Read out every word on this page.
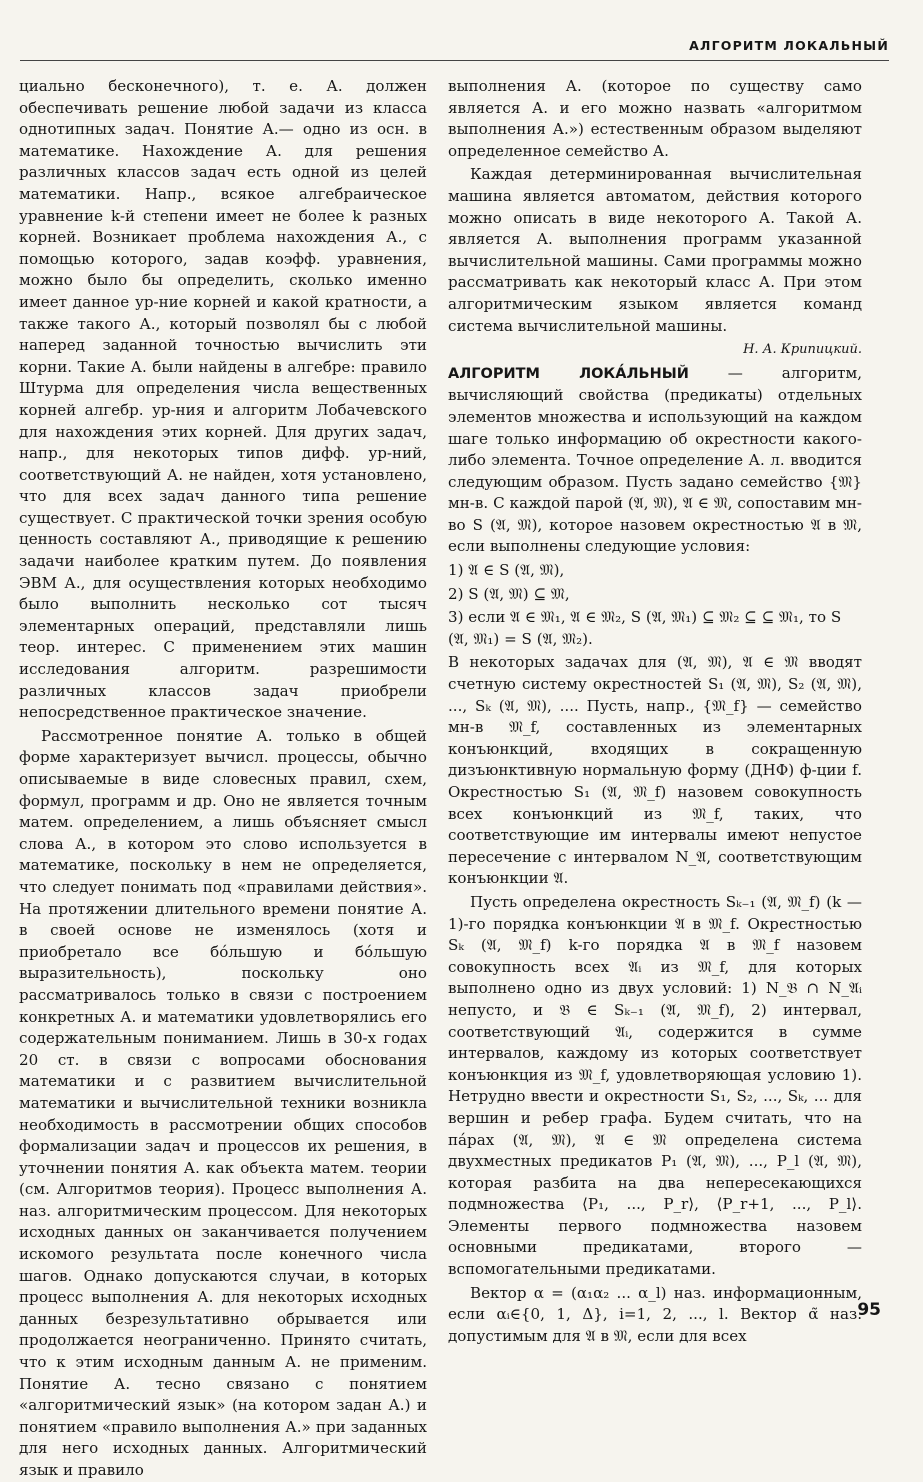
АЛГОРИТМ ЛОКАЛЬНЫЙ

циально бесконечного), т. е. А. должен обеспечивать решение любой задачи из класса однотипных задач. Понятие А.— одно из осн. в математике. Нахождение А. для решения различных классов задач есть одной из целей математики. Напр., всякое алгебраическое уравнение k-й степени имеет не более k разных корней. Возникает проблема нахождения А., с помощью которого, задав коэфф. уравнения, можно было бы определить, сколько именно имеет данное ур-ние корней и какой кратности, а также такого А., который позволял бы с любой наперед заданной точностью вычислить эти корни. Такие А. были найдены в алгебре: правило Штурма для определения числа вещественных корней алгебр. ур-ния и алгоритм Лобачевского для нахождения этих корней. Для других задач, напр., для некоторых типов дифф. ур-ний, соответствующий А. не найден, хотя установлено, что для всех задач данного типа решение существует. С практической точки зрения особую ценность составляют А., приводящие к решению задачи наиболее кратким путем. До появления ЭВМ А., для осуществления которых необходимо было выполнить несколько сот тысяч элементарных операций, представляли лишь теор. интерес. С применением этих машин исследования алгоритм. разрешимости различных классов задач приобрели непосредственное практическое значение.

Рассмотренное понятие А. только в общей форме характеризует вычисл. процессы, обычно описываемые в виде словесных правил, схем, формул, программ и др. Оно не является точным матем. определением, а лишь объясняет смысл слова А., в котором это слово используется в математике, поскольку в нем не определяется, что следует понимать под «правилами действия». На протяжении длительного времени понятие А. в своей основе не изменялось (хотя и приобретало все бо́льшую и бо́льшую выразительность), поскольку оно рассматривалось только в связи с построением конкретных А. и математики удовлетворялись его содержательным пониманием. Лишь в 30-х годах 20 ст. в связи с вопросами обоснования математики и с развитием вычислительной математики и вычислительной техники возникла необходимость в рассмотрении общих способов формализации задач и процессов их решения, в уточнении понятия А. как объекта матем. теории (см. Алгоритмов теория). Процесс выполнения А. наз. алгоритмическим процессом. Для некоторых исходных данных он заканчивается получением искомого результата после конечного числа шагов. Однако допускаются случаи, в которых процесс выполнения А. для некоторых исходных данных безрезультативно обрывается или продолжается неограниченно. Принято считать, что к этим исходным данным А. не применим. Понятие А. тесно связано с понятием «алгоритмический язык» (на котором задан А.) и понятием «правило выполнения А.» при заданных для него исходных данных. Алгоритмический язык и правило

выполнения А. (которое по существу само является А. и его можно назвать «алгоритмом выполнения А.») естественным образом выделяют определенное семейство А.

Каждая детерминированная вычислительная машина является автоматом, действия которого можно описать в виде некоторого А. Такой А. является А. выполнения программ указанной вычислительной машины. Сами программы можно рассматривать как некоторый класс А. При этом алгоритмическим языком является команд система вычислительной машины.

Н. А. Крипицкий.

АЛГОРИТМ ЛОКА́ЛЬНЫЙ — алгоритм, вычисляющий свойства (предикаты) отдельных элементов множества и использующий на каждом шаге только информацию об окрестности какого-либо элемента. Точное определение А. л. вводится следующим образом. Пусть задано семейство {𝔐} мн-в. С каждой парой (𝔄, 𝔐), 𝔄 ∈ 𝔐, сопоставим мн-во S (𝔄, 𝔐), которое назовем окрестностью 𝔄 в 𝔐, если выполнены следующие условия:

1) 𝔄 ∈ S (𝔄, 𝔐),

2) S (𝔄, 𝔐) ⊆ 𝔐,

3) если 𝔄 ∈ 𝔐₁, 𝔄 ∈ 𝔐₂, S (𝔄, 𝔐₁) ⊆ 𝔐₂ ⊆ ⊆ 𝔐₁, то S (𝔄, 𝔐₁) = S (𝔄, 𝔐₂).

В некоторых задачах для (𝔄, 𝔐), 𝔄 ∈ 𝔐 вводят счетную систему окрестностей S₁ (𝔄, 𝔐), S₂ (𝔄, 𝔐), ..., Sₖ (𝔄, 𝔐), .... Пусть, напр., {𝔐_f} — семейство мн-в 𝔐_f, составленных из элементарных конъюнкций, входящих в сокращенную дизъюнктивную нормальную форму (ДНФ) ф-ции f. Окрестностью S₁ (𝔄, 𝔐_f) назовем совокупность всех конъюнкций из 𝔐_f, таких, что соответствующие им интервалы имеют непустое пересечение с интервалом N_𝔄, соответствующим конъюнкции 𝔄.

Пусть определена окрестность Sₖ₋₁ (𝔄, 𝔐_f) (k — 1)-го порядка конъюнкции 𝔄 в 𝔐_f. Окрестностью Sₖ (𝔄, 𝔐_f) k-го порядка 𝔄 в 𝔐_f назовем совокупность всех 𝔄ᵢ из 𝔐_f, для которых выполнено одно из двух условий: 1) N_𝔅 ∩ N_𝔄ᵢ непусто, и 𝔅 ∈ Sₖ₋₁ (𝔄, 𝔐_f), 2) интервал, соответствующий 𝔄ᵢ, содержится в сумме интервалов, каждому из которых соответствует конъюнкция из 𝔐_f, удовлетворяющая условию 1). Нетрудно ввести и окрестности S₁, S₂, ..., Sₖ, ... для вершин и ребер графа. Будем считать, что на па́рах (𝔄, 𝔐), 𝔄 ∈ 𝔐 определена система двухместных предикатов P₁ (𝔄, 𝔐), ..., P_l (𝔄, 𝔐), которая разбита на два непересекающихся подмножества ⟨P₁, ..., P_r⟩, ⟨P_r+1, ..., P_l⟩. Элементы первого подмножества назовем основными предикатами, второго — вспомогательными предикатами.

Вектор α = (α₁α₂ ... α_l) наз. информационным, если αᵢ∈{0, 1, Δ}, i=1, 2, ..., l. Вектор α̃ наз. допустимым для 𝔄 в 𝔐, если для всех

95
